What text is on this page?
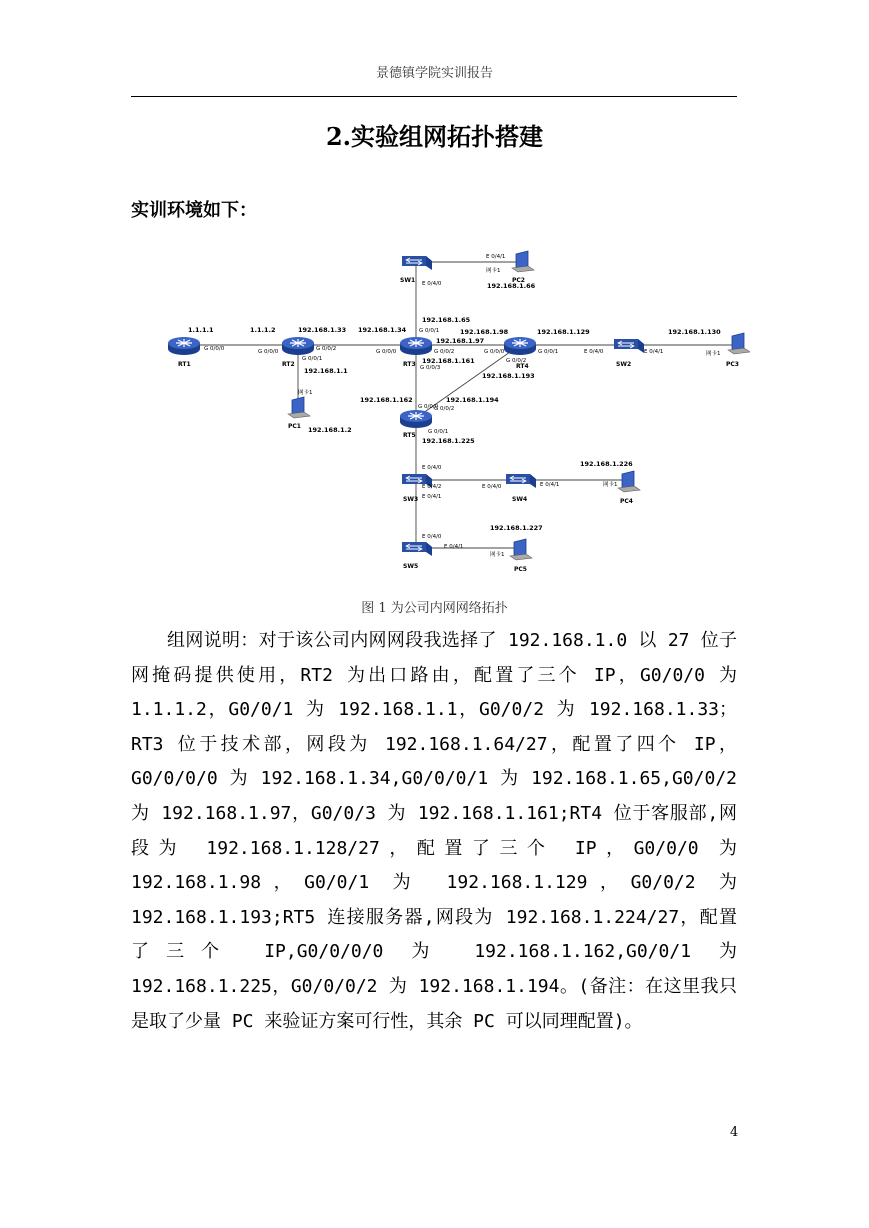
景德镇学院实训报告
2.实验组网拓扑搭建
实训环境如下：
RT1	RT2	RT3	RT4
RT5
SW1
SW2
SW3	SW4
SW5
PC1
PC2
PC3
PC4
PC5
网卡1
网卡1
网卡1
网卡1
网卡1
1.1.1.1	1.1.1.2	192.168.1.33
192.168.1.1
192.168.1.2
192.168.1.34
192.168.1.65
192.168.1.66
192.168.1.97
192.168.1.98
192.168.1.161
192.168.1.129	192.168.1.130
192.168.1.193
192.168.1.162	192.168.1.194
192.168.1.225
192.168.1.226
192.168.1.227
G 0/0/0	G 0/0/0	G 0/0/2
G 0/0/1
G 0/0/0
G 0/0/1
E 0/4/0
E 0/4/1
G 0/0/2
G 0/0/3
G 0/0/0	G 0/0/1
G 0/0/2
E 0/4/0	E 0/4/1
G 0/0/0
G 0/0/2
G 0/0/1
E 0/4/0
E 0/4/2
E 0/4/1
E 0/4/0	E 0/4/1
E 0/4/0
E 0/4/1
图 1 为公司内网网络拓扑

组网说明：对于该公司内网网段我选择了 192.168.1.0 以 27 位子网掩码提供使用，RT2 为出口路由，配置了三个 IP，G0/0/0 为 1.1.1.2，G0/0/1 为 192.168.1.1，G0/0/2 为 192.168.1.33；RT3 位于技术部，网段为 192.168.1.64/27，配置了四个 IP，G0/0/0/0 为 192.168.1.34,G0/0/0/1 为 192.168.1.65,G0/0/2 为 192.168.1.97，G0/0/3 为 192.168.1.161;RT4 位于客服部,网段为 192.168.1.128/27，配置了三个 IP，G0/0/0 为 192.168.1.98，G0/0/1 为 192.168.1.129，G0/0/2 为 192.168.1.193;RT5 连接服务器,网段为 192.168.1.224/27，配置了三个 IP,G0/0/0/0 为 192.168.1.162,G0/0/1 为 192.168.1.225，G0/0/0/2 为 192.168.1.194。(备注：在这里我只是取了少量 PC 来验证方案可行性，其余 PC 可以同理配置)。

4
